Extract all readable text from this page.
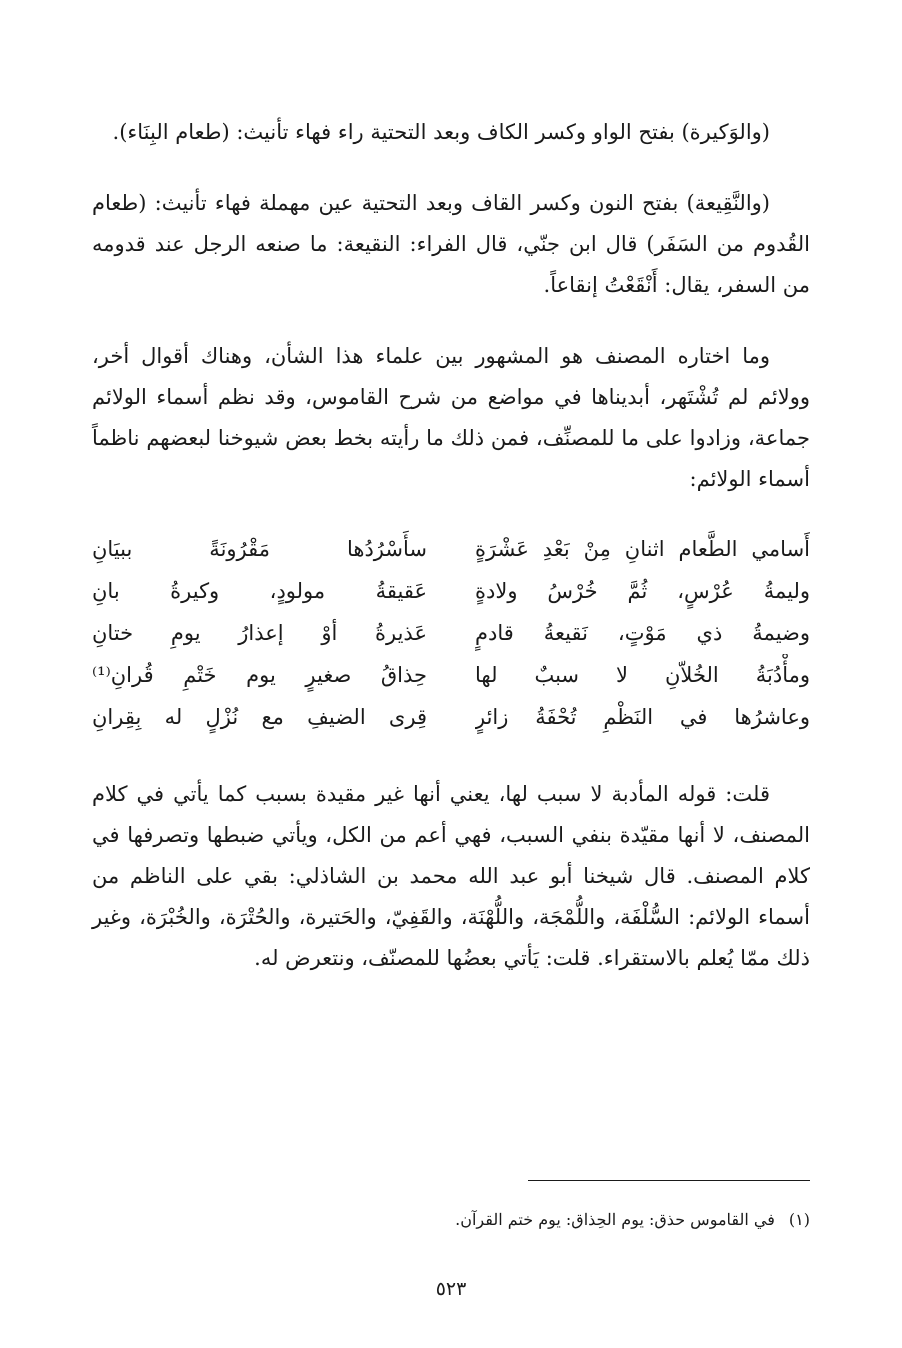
(والوَكيرة) بفتح الواو وكسر الكاف وبعد التحتية راء فهاء تأنيث: (طعام البِنَاء).

(والنَّقِيعة) بفتح النون وكسر القاف وبعد التحتية عين مهملة فهاء تأنيث: (طعام القُدوم من السَفَر) قال ابن جنّي، قال الفراء: النقيعة: ما صنعه الرجل عند قدومه من السفر، يقال: أَنْقَعْتُ إنقاعاً.

وما اختاره المصنف هو المشهور بين علماء هذا الشأن، وهناك أقوال أخر، وولائم لم تُشْتَهر، أبديناها في مواضع من شرح القاموس، وقد نظم أسماء الولائم جماعة، وزادوا على ما للمصنِّف، فمن ذلك ما رأيته بخط بعض شيوخنا لبعضهم ناظماً أسماء الولائم:

أَسامي الطَّعام اثنانِ مِنْ بَعْدِ عَشْرَةٍ
سأَسْرُدُها مَقْرُونَةً ببيَانِ
وليمةُ عُرْسٍ، ثُمَّ خُرْسُ ولادةٍ
عَقيقةُ مولودٍ، وكيرةُ بانِ
وضيمةُ ذي مَوْتٍ، نَقيعةُ قادمٍ
عَذيرةُ أوْ إعذارُ يومِ ختانِ
ومأْدُبَةُ الخُلاّنِ لا سببٌ لها
حِذاقُ صغيرٍ يوم خَتْمِ قُرانِ⁽¹⁾
وعاشرُها في النَظْمِ تُحْفَةُ زائرٍ
قِرى الضيفِ مع نُزْلٍ له بِقِرانِ

قلت: قوله المأدبة لا سبب لها، يعني أنها غير مقيدة بسبب كما يأتي في كلام المصنف، لا أنها مقيّدة بنفي السبب، فهي أعم من الكل، ويأتي ضبطها وتصرفها في كلام المصنف. قال شيخنا أبو عبد الله محمد بن الشاذلي: بقي على الناظم من أسماء الولائم: السُّلْفَة، واللُّمْجَة، واللُّهْنَة، والقَفِيّ، والحَتيرة، والحُتْرَة، والخُبْرَة، وغير ذلك ممّا يُعلم بالاستقراء. قلت: يَأتي بعضُها للمصنّف، ونتعرض له.

(١)في القاموس حذق: يوم الحِذاق: يوم ختم القرآن.
٥٢٣
